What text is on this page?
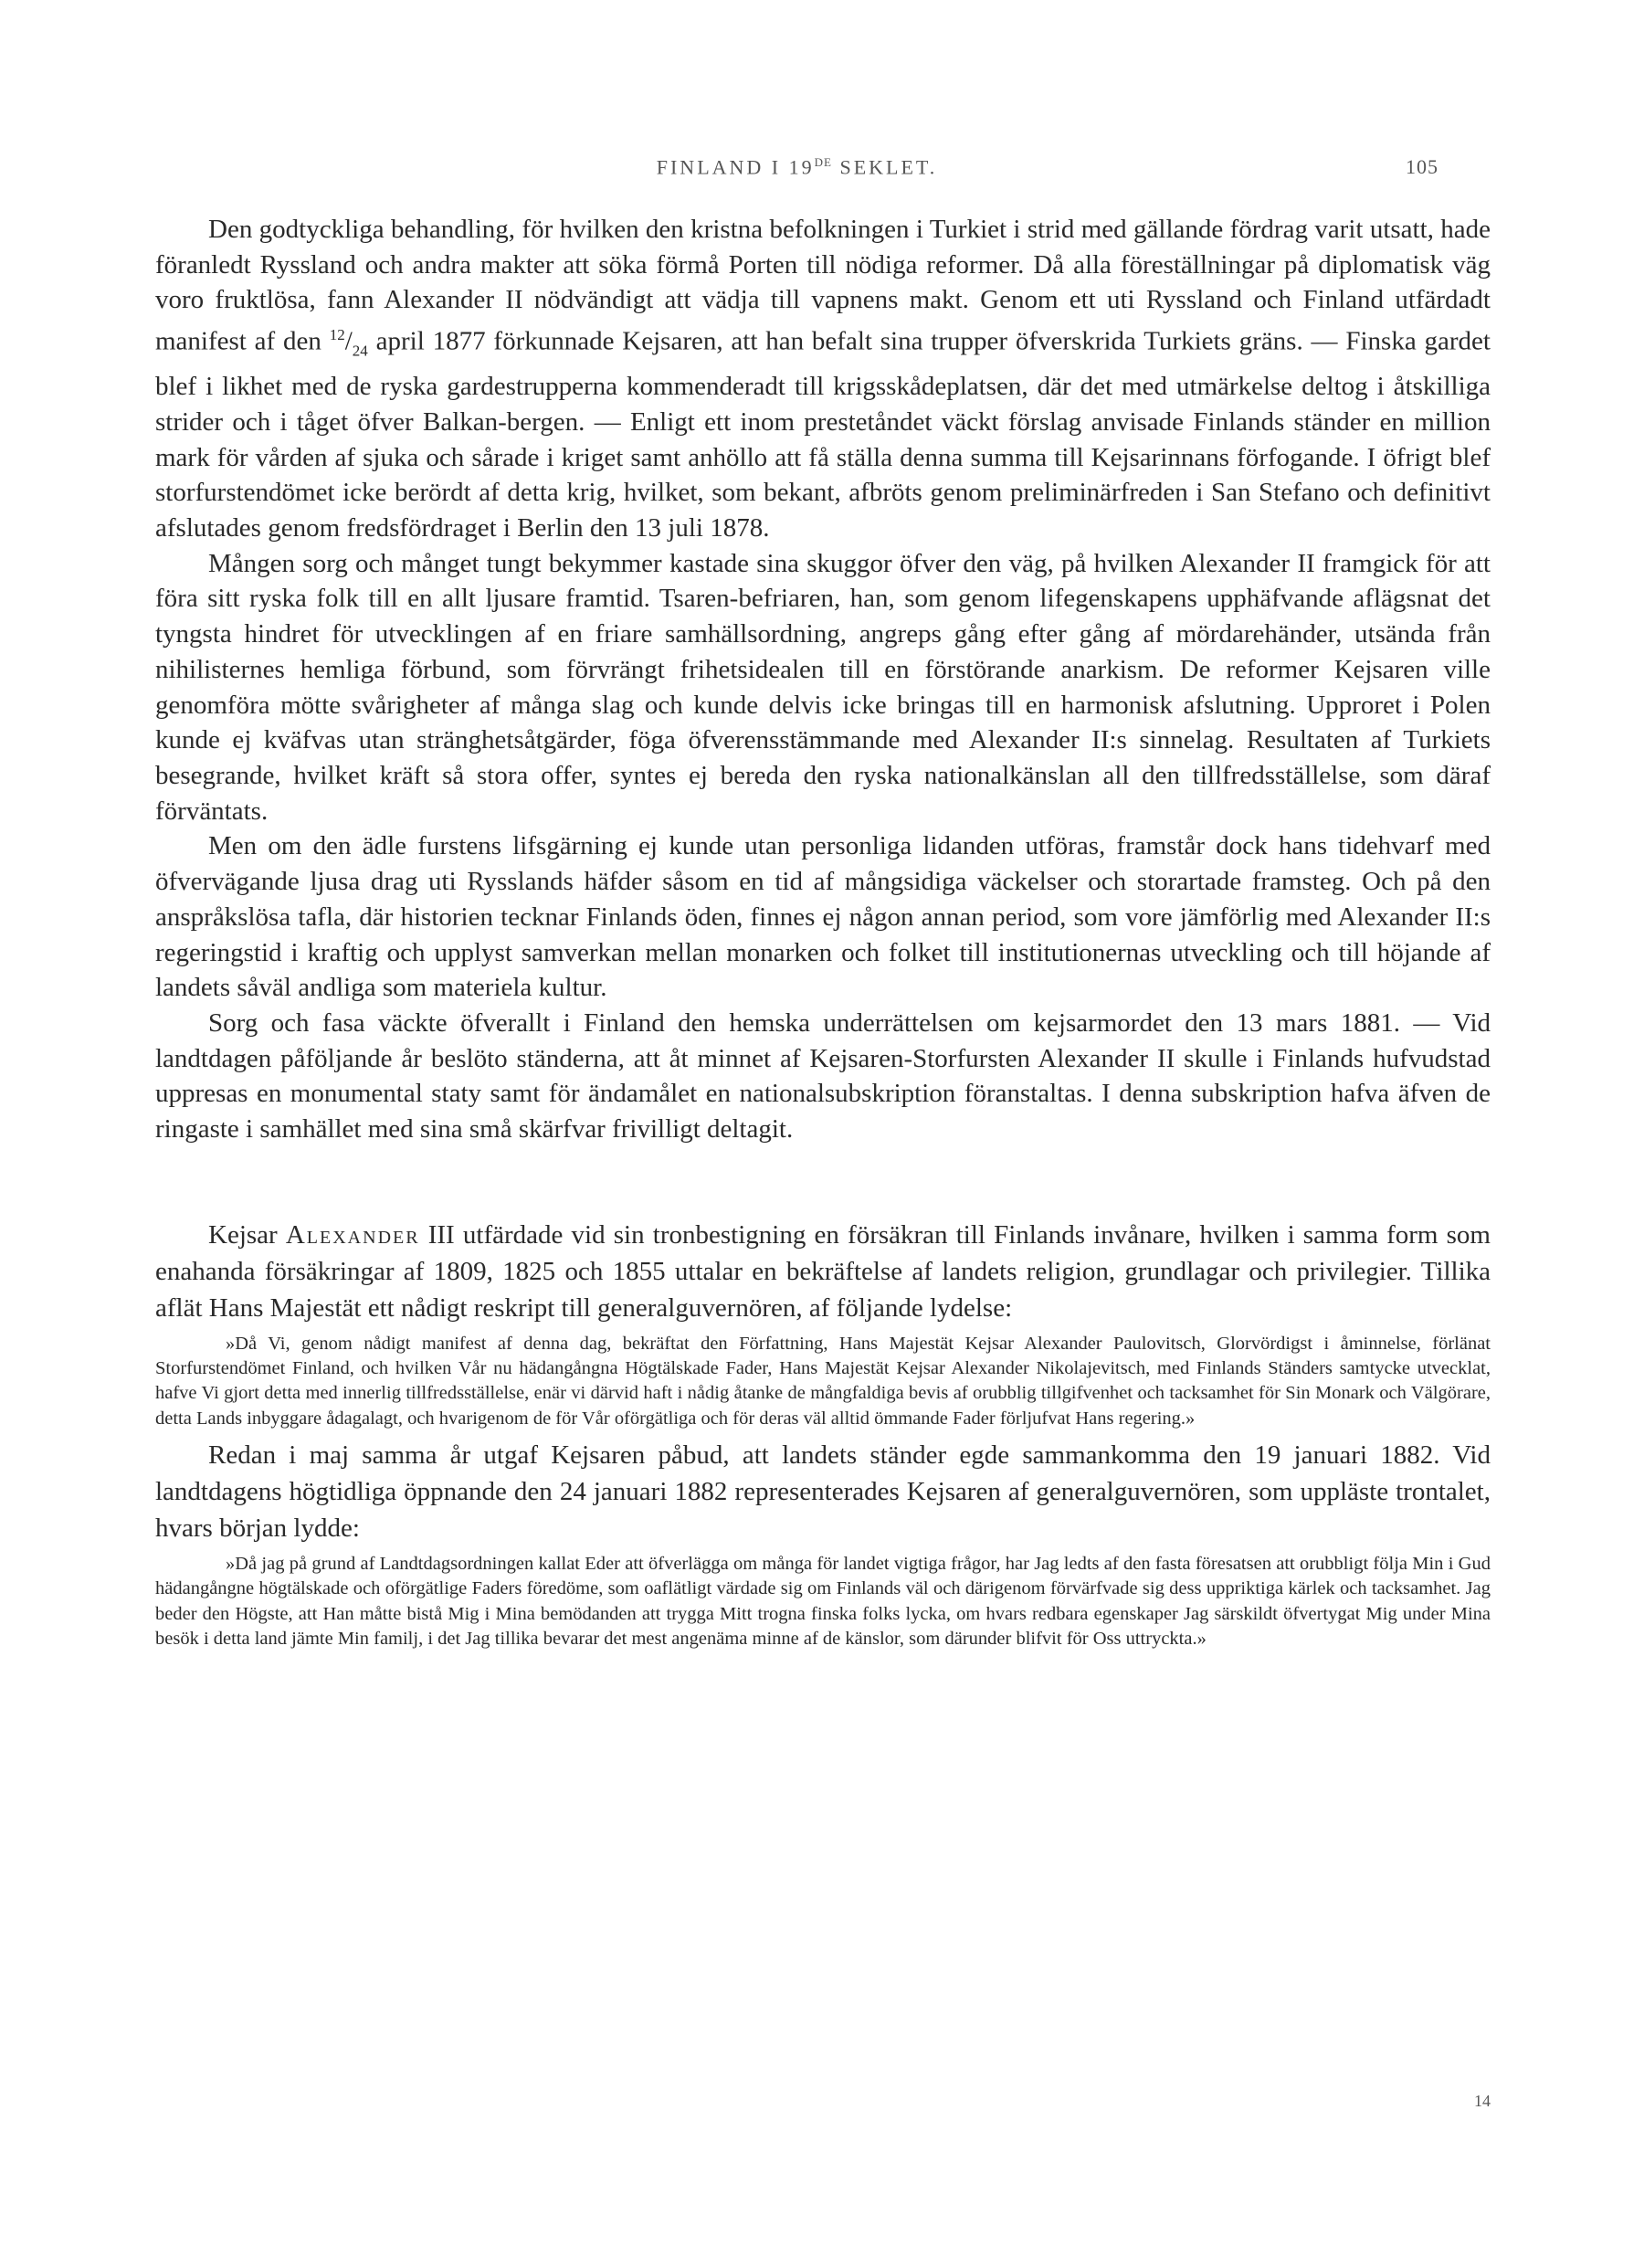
FINLAND I 19DE SEKLET.	105

Den godtyckliga behandling, för hvilken den kristna befolkningen i Turkiet i strid med gällande fördrag varit utsatt, hade föranledt Ryssland och andra makter att söka förmå Porten till nödiga reformer. Då alla föreställningar på diplomatisk väg voro fruktlösa, fann Alexander II nödvändigt att vädja till vapnens makt. Genom ett uti Ryssland och Finland utfärdadt manifest af den $^{12}/_{24}$ april 1877 förkunnade Kejsaren, att han befalt sina trupper öfverskrida Turkiets gräns. — Finska gardet blef i likhet med de ryska gardestrupperna kommenderadt till krigsskådeplatsen, där det med utmärkelse deltog i åtskilliga strider och i tåget öfver Balkan-bergen. — Enligt ett inom prestetåndet väckt förslag anvisade Finlands ständer en million mark för vården af sjuka och sårade i kriget samt anhöllo att få ställa denna summa till Kejsarinnans förfogande. I öfrigt blef storfurstendömet icke berördt af detta krig, hvilket, som bekant, afbröts genom preliminärfreden i San Stefano och definitivt afslutades genom fredsfördraget i Berlin den 13 juli 1878.

Mången sorg och månget tungt bekymmer kastade sina skuggor öfver den väg, på hvilken Alexander II framgick för att föra sitt ryska folk till en allt ljusare framtid. Tsaren-befriaren, han, som genom lifegenskapens upphäfvande aflägsnat det tyngsta hindret för utvecklingen af en friare samhällsordning, angreps gång efter gång af mördarehänder, utsända från nihilisternes hemliga förbund, som förvrängt frihetsidealen till en förstörande anarkism. De reformer Kejsaren ville genomföra mötte svårigheter af många slag och kunde delvis icke bringas till en harmonisk afslutning. Upproret i Polen kunde ej kväfvas utan stränghetsåtgärder, föga öfverensstämmande med Alexander II:s sinnelag. Resultaten af Turkiets besegrande, hvilket kräft så stora offer, syntes ej bereda den ryska nationalkänslan all den tillfredsställelse, som däraf förväntats.

Men om den ädle furstens lifsgärning ej kunde utan personliga lidanden utföras, framstår dock hans tidehvarf med öfvervägande ljusa drag uti Rysslands häfder såsom en tid af mångsidiga väckelser och storartade framsteg. Och på den anspråkslösa tafla, där historien tecknar Finlands öden, finnes ej någon annan period, som vore jämförlig med Alexander II:s regeringstid i kraftig och upplyst samverkan mellan monarken och folket till institutionernas utveckling och till höjande af landets såväl andliga som materiela kultur.

Sorg och fasa väckte öfverallt i Finland den hemska underrättelsen om kejsarmordet den 13 mars 1881. — Vid landtdagen påföljande år beslöto ständerna, att åt minnet af Kejsaren-Storfursten Alexander II skulle i Finlands hufvudstad uppresas en monumental staty samt för ändamålet en nationalsubskription föranstaltas. I denna subskription hafva äfven de ringaste i samhället med sina små skärfvar frivilligt deltagit.

Kejsar Alexander III utfärdade vid sin tronbestigning en försäkran till Finlands invånare, hvilken i samma form som enahanda försäkringar af 1809, 1825 och 1855 uttalar en bekräftelse af landets religion, grundlagar och privilegier. Tillika aflät Hans Majestät ett nådigt reskript till generalguvernören, af följande lydelse:

»Då Vi, genom nådigt manifest af denna dag, bekräftat den Författning, Hans Majestät Kejsar Alexander Paulovitsch, Glorvördigst i åminnelse, förlänat Storfurstendömet Finland, och hvilken Vår nu hädangångna Högtälskade Fader, Hans Majestät Kejsar Alexander Nikolajevitsch, med Finlands Ständers samtycke utvecklat, hafve Vi gjort detta med innerlig tillfredsställelse, enär vi därvid haft i nådig åtanke de mångfaldiga bevis af orubblig tillgifvenhet och tacksamhet för Sin Monark och Välgörare, detta Lands inbyggare ådagalagt, och hvarigenom de för Vår oförgätliga och för deras väl alltid ömmande Fader förljufvat Hans regering.»

Redan i maj samma år utgaf Kejsaren påbud, att landets ständer egde sammankomma den 19 januari 1882. Vid landtdagens högtidliga öppnande den 24 januari 1882 representerades Kejsaren af generalguvernören, som uppläste trontalet, hvars början lydde:

»Då jag på grund af Landtdagsordningen kallat Eder att öfverlägga om många för landet vigtiga frågor, har Jag ledts af den fasta föresatsen att orubbligt följa Min i Gud hädangångne högtälskade och oförgätlige Faders föredöme, som oaflätligt värdade sig om Finlands väl och därigenom förvärfvade sig dess uppriktiga kärlek och tacksamhet. Jag beder den Högste, att Han måtte bistå Mig i Mina bemödanden att trygga Mitt trogna finska folks lycka, om hvars redbara egenskaper Jag särskildt öfvertygat Mig under Mina besök i detta land jämte Min familj, i det Jag tillika bevarar det mest angenäma minne af de känslor, som därunder blifvit för Oss uttryckta.»

14
